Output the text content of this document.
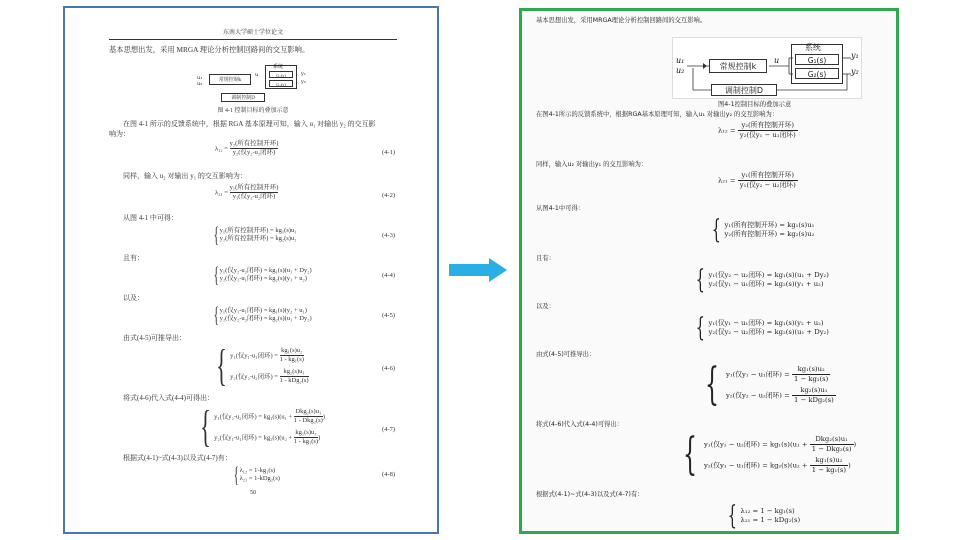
东南大学硕士学位论文
基本思想出发，采用 MRGA 理论分析控制回路间的交互影响。
u₁
u₂
常规控制k
u
系统
G₁(s)
G₂(s)
y₁
y₂
调制控制D
图 4-1 控制目标的叠加示意
在图 4-1 所示的反馈系统中，根据 RGA 基本原理可知，输入 u₁ 对输出 y₂ 的交互影
响为：
λ₁₂ =
y₂(所有控制开环)
y₂(仅y₂-u₂闭环)	(4-1)
同样，输入 u₂ 对输出 y₁ 的交互影响为：
λ₂₁ =
y₁(所有控制开环)
y₁(仅y₂-u₂闭环)	(4-2)
从图 4-1 中可得：
{ y₁(所有控制开环) = kg₁(s)u₁
y₂(所有控制开环) = kg₂(s)u₂	(4-3)
且有：
{ y₁(仅y₂-u₂闭环) = kg₁(s)(u₁ + Dy₂)
y₂(仅y₁-u₁闭环) = kg₂(s)(y₁ + u₂)	(4-4)
以及：
{ y₁(仅y₁-u₁闭环) = kg₁(s)(y₂ + u₁)
y₂(仅y₂-u₂闭环) = kg₂(s)(u₁ + Dy₂)	(4-5)
由式(4-5)可推导出：
{ y₁(仅y₁-u₁闭环) = $\frac{\text{kg₁(s)u₂}}{\text{1 - kg₁(s)}}$
y₂(仅y₂-u₂闭环) =
kg₂(s)u₁
1 - kDg₂(s)
(4-6)
将式(4-6)代入式(4-4)可得出：
{ y₁(仅y₂-u₂闭环) = kg₁(s)(u₁ +
Dkg₂(s)u₁
1 - Dkg₂(s)
)
y₂(仅y₁-u₁闭环) = $kg_2(s)(u_2 + \frac{\text{kg₁(s)u₂}}{\text{1 - kg₁(s)}}$ )
(4-7)
根据式(4-1)~式(4-3)以及式(4-7)有：
{ λ₁₂ = 1-kg₁(s)
λ₂₁ = 1-kDg₂(s)
(4-8)
50
基本思想出发，采用MRGA理论分析控制回路间的交互影响。
u₁
u₂	常规控制k
u
系统
G₁(s)
G₂(s)
y₁
y₂
调制控制D
图4-1控制目标的叠加示意
在图4-1所示的反馈系统中，根据RGA基本原理可知，输入u₁ 对输出y₂ 的交互影响为：
λ₁₂ =
y₂(所有控制开环)
y₂(仅y₁ − u₁闭环)
同样，输入u₂ 对输出y₁ 的交互影响为：
λ₂₁ =
y₁(所有控制开环)
y₁(仅y₂ − u₂闭环)
从图4-1中可得：
{ y₁(所有控制开环) = kg₁(s)u₁
y₂(所有控制开环) = kg₂(s)u₂
且有：
{ y₁(仅y₂ − u₂闭环) = kg₁(s)(u₁ + Dy₂)
y₂(仅y₁ − u₁闭环) = kg₂(s)(y₁ + u₂)
以及：
{ y₁(仅y₁ − u₁闭环) = kg₁(s)(y₂ + u₂)
y₂(仅y₂ − u₂闭环) = kg₂(s)(u₁ + Dy₂)
由式(4-5)可推导出：
{ y₁(仅y₁ − u₁闭环) = $\frac{\text{kg₁(s)u₂}}{\text{1 − kg₁(s)}}$
y₂(仅y₂ − u₂闭环) =
kg₂(s)u₁
1 − kDg₂(s)
将式(4-6)代入式(4-4)可得出：
{ y₁(仅y₂ − u₂闭环) = kg₁(s)(u₁ +
Dkg₂(s)u₁
1 − Dkg₂(s)
)
y₂(仅y₁ − u₁闭环) = $kg_2(s)(u_2 + \frac{\text{kg₁(s)u₂}}{\text{1 − kg₁(s)}}$ )
根据式(4-1)~式(4-3)以及式(4-7)有：
{ λ₁₂ = 1 − kg₁(s)
λ₂₁ = 1 − kDg₂(s)
